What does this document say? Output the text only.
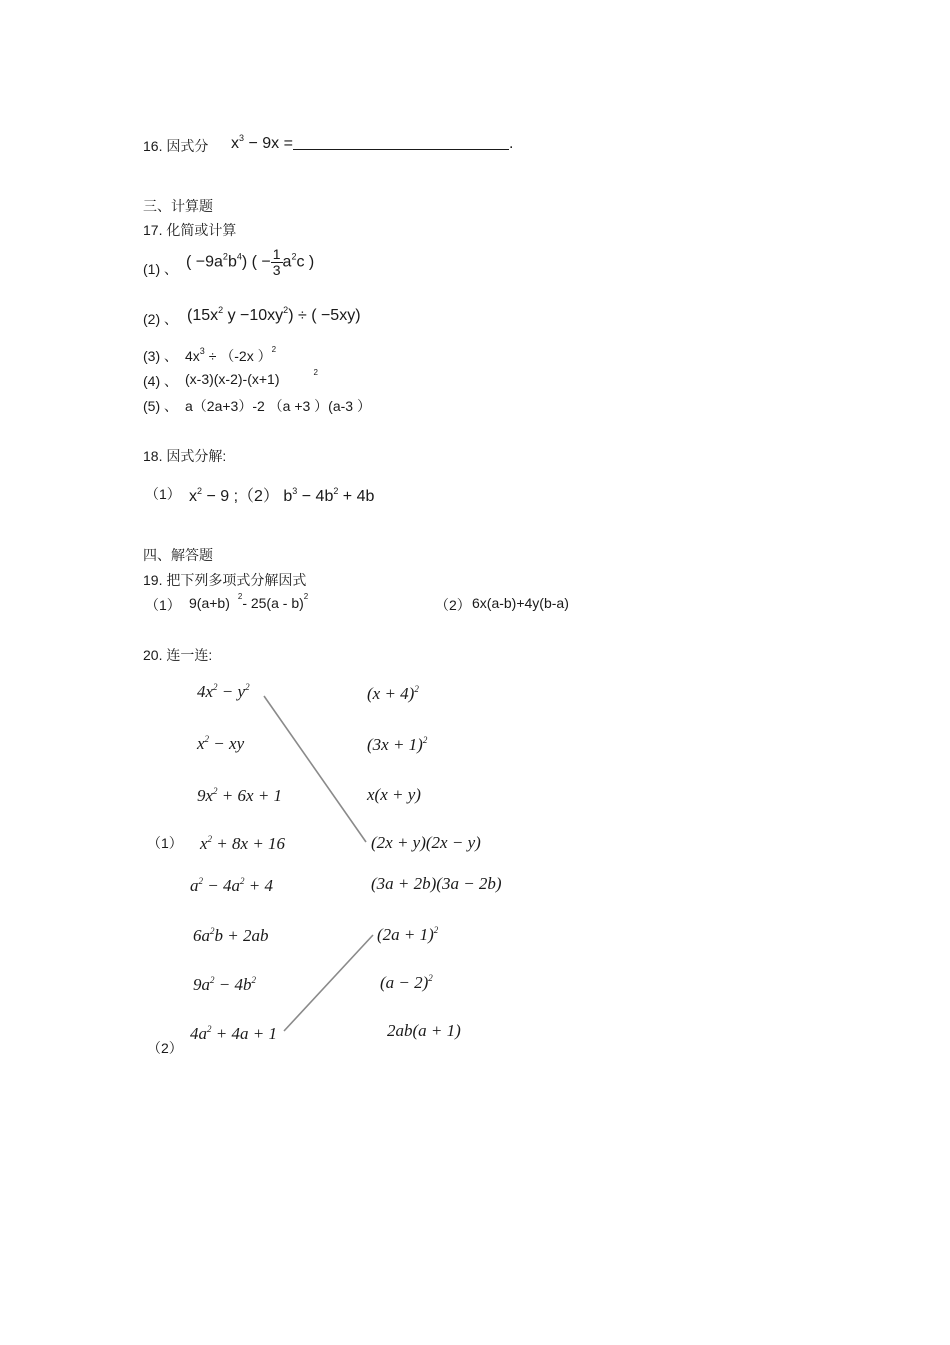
16. 因式分 $x^3 - 9x$ =	.
三、计算题
17. 化简或计算
(1) 、 ( $-9a^2b^4$) ( − $\frac{1}{3} a^2c$ )
(2) 、 ($15x^2$ $y -10xy^2$) ÷ ( −5xy)
(3) 、 $4x^3 \div (-2x$ ）$^2$
(4) 、 (x-3)(x-2)-(x+1)	$^2$
(5) 、 a（2a+3）-2 （a +3 ）(a-3 ）
18. 因式分解:
（1） $x^2 - 9$ ;（2） $b^3 - 4b^2 + 4b$
四、解答题
19. 把下列多项式分解因式
（1） 9(a+b) $^2$- 25(a - b)$^2$
（2） 6x(a-b)+4y(b-a)
20. 连一连:
（1）
（2）
$4x^2 - y^2$
$x^2$ − xy
$9x^2 + 6x + 1$
$x^2 + 8x + 16$
$a^2 - 4a^2 + 4$
$6a^2b + 2ab$
$9a^2 - 4b^2$
$4a^2 + 4a + 1$
$(x + 4)^2$
$(3x + 1)^2$
x(x + y)
(2x + y)(2x − y)
(3a + 2b)(3a − 2b)
$(2a + 1)^2$
$(a - 2)^2$
2ab(a + 1)
